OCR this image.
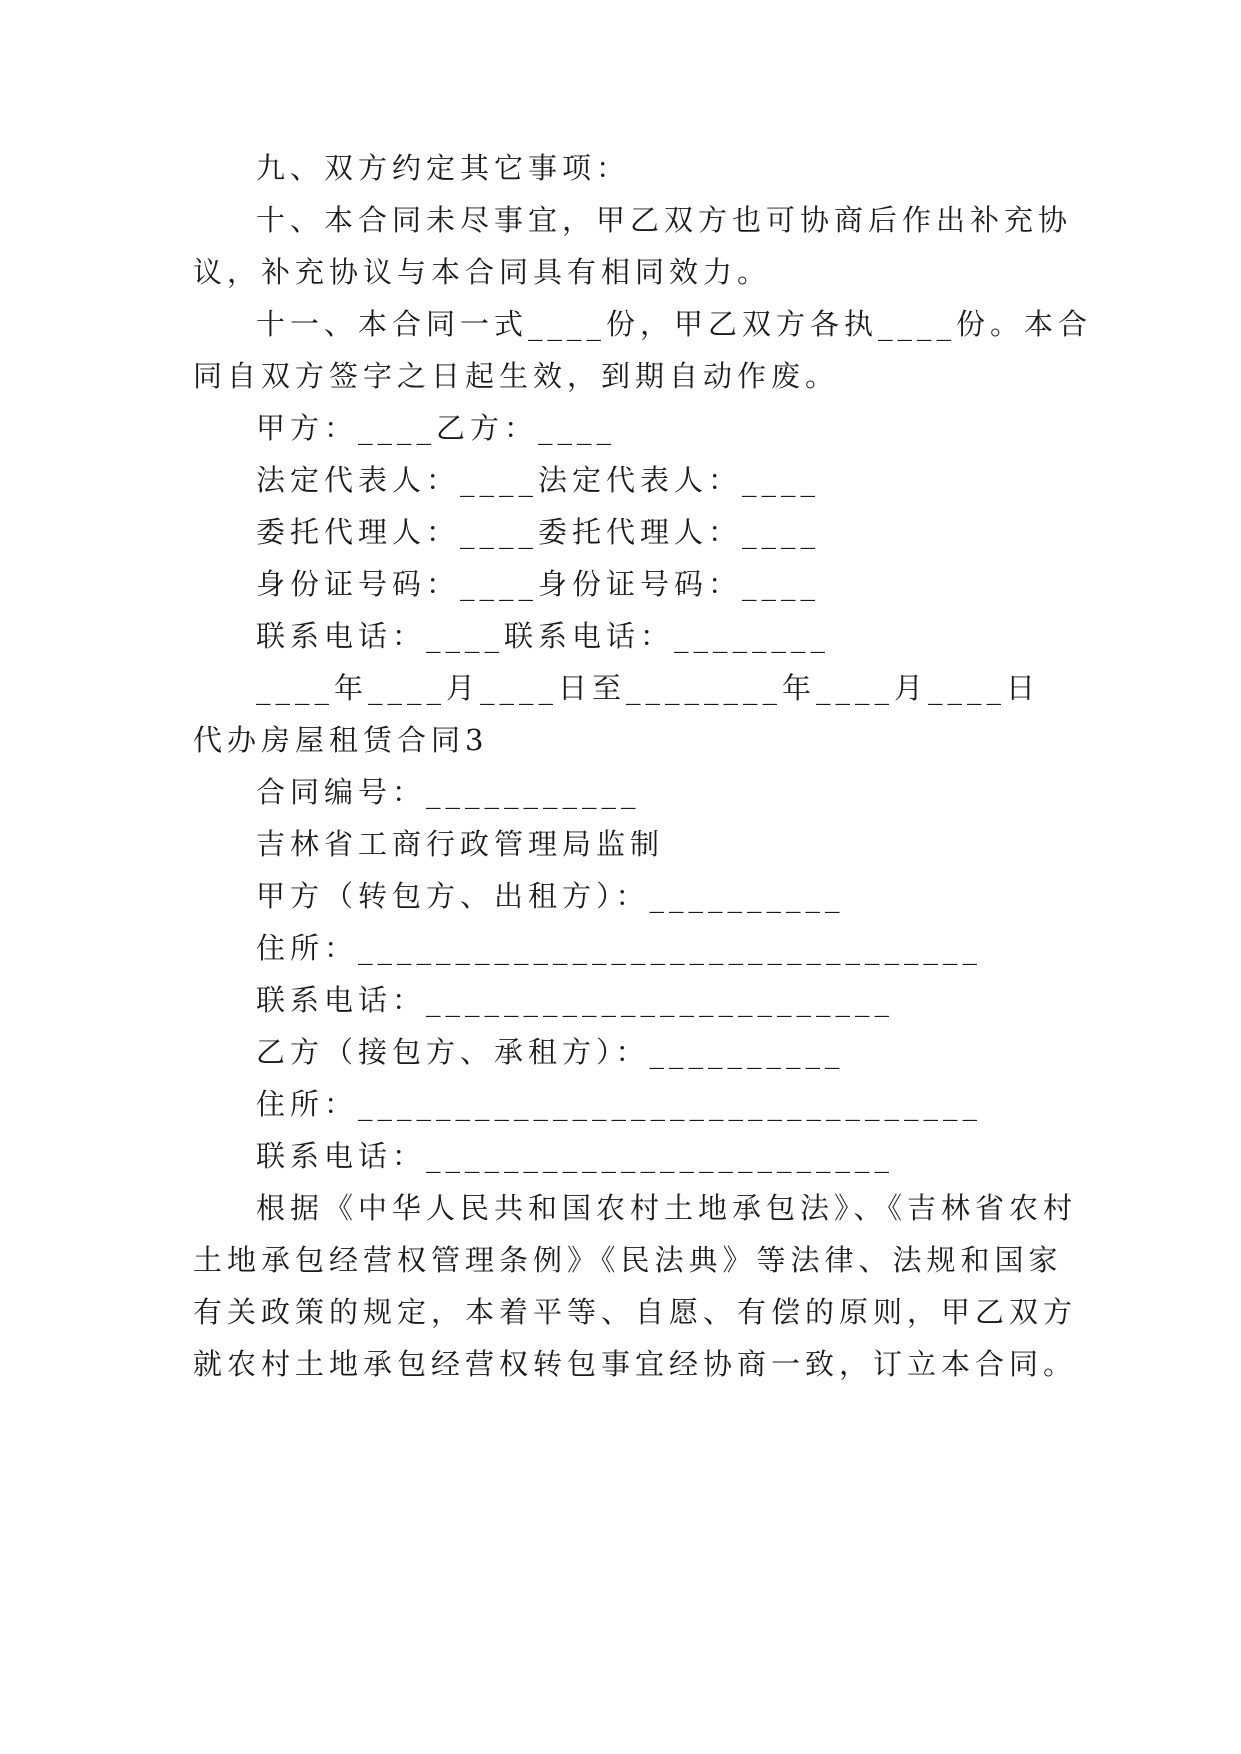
九、双方约定其它事项：
十、本合同未尽事宜，甲乙双方也可协商后作出补充协
议，补充协议与本合同具有相同效力。
十一、本合同一式____份，甲乙双方各执____份。本合
同自双方签字之日起生效，到期自动作废。
甲方：____乙方：____
法定代表人：____法定代表人：____
委托代理人：____委托代理人：____
身份证号码：____身份证号码：____
联系电话：____联系电话：________
____年____月____日至________年____月____日
代办房屋租赁合同3
合同编号：___________
吉林省工商行政管理局监制
甲方（转包方、出租方）：__________
住所：________________________________
联系电话：________________________
乙方（接包方、承租方）：__________
住所：________________________________
联系电话：________________________
根据《中华人民共和国农村土地承包法》、《吉林省农村
土地承包经营权管理条例》《民法典》等法律、法规和国家
有关政策的规定，本着平等、自愿、有偿的原则，甲乙双方
就农村土地承包经营权转包事宜经协商一致，订立本合同。
